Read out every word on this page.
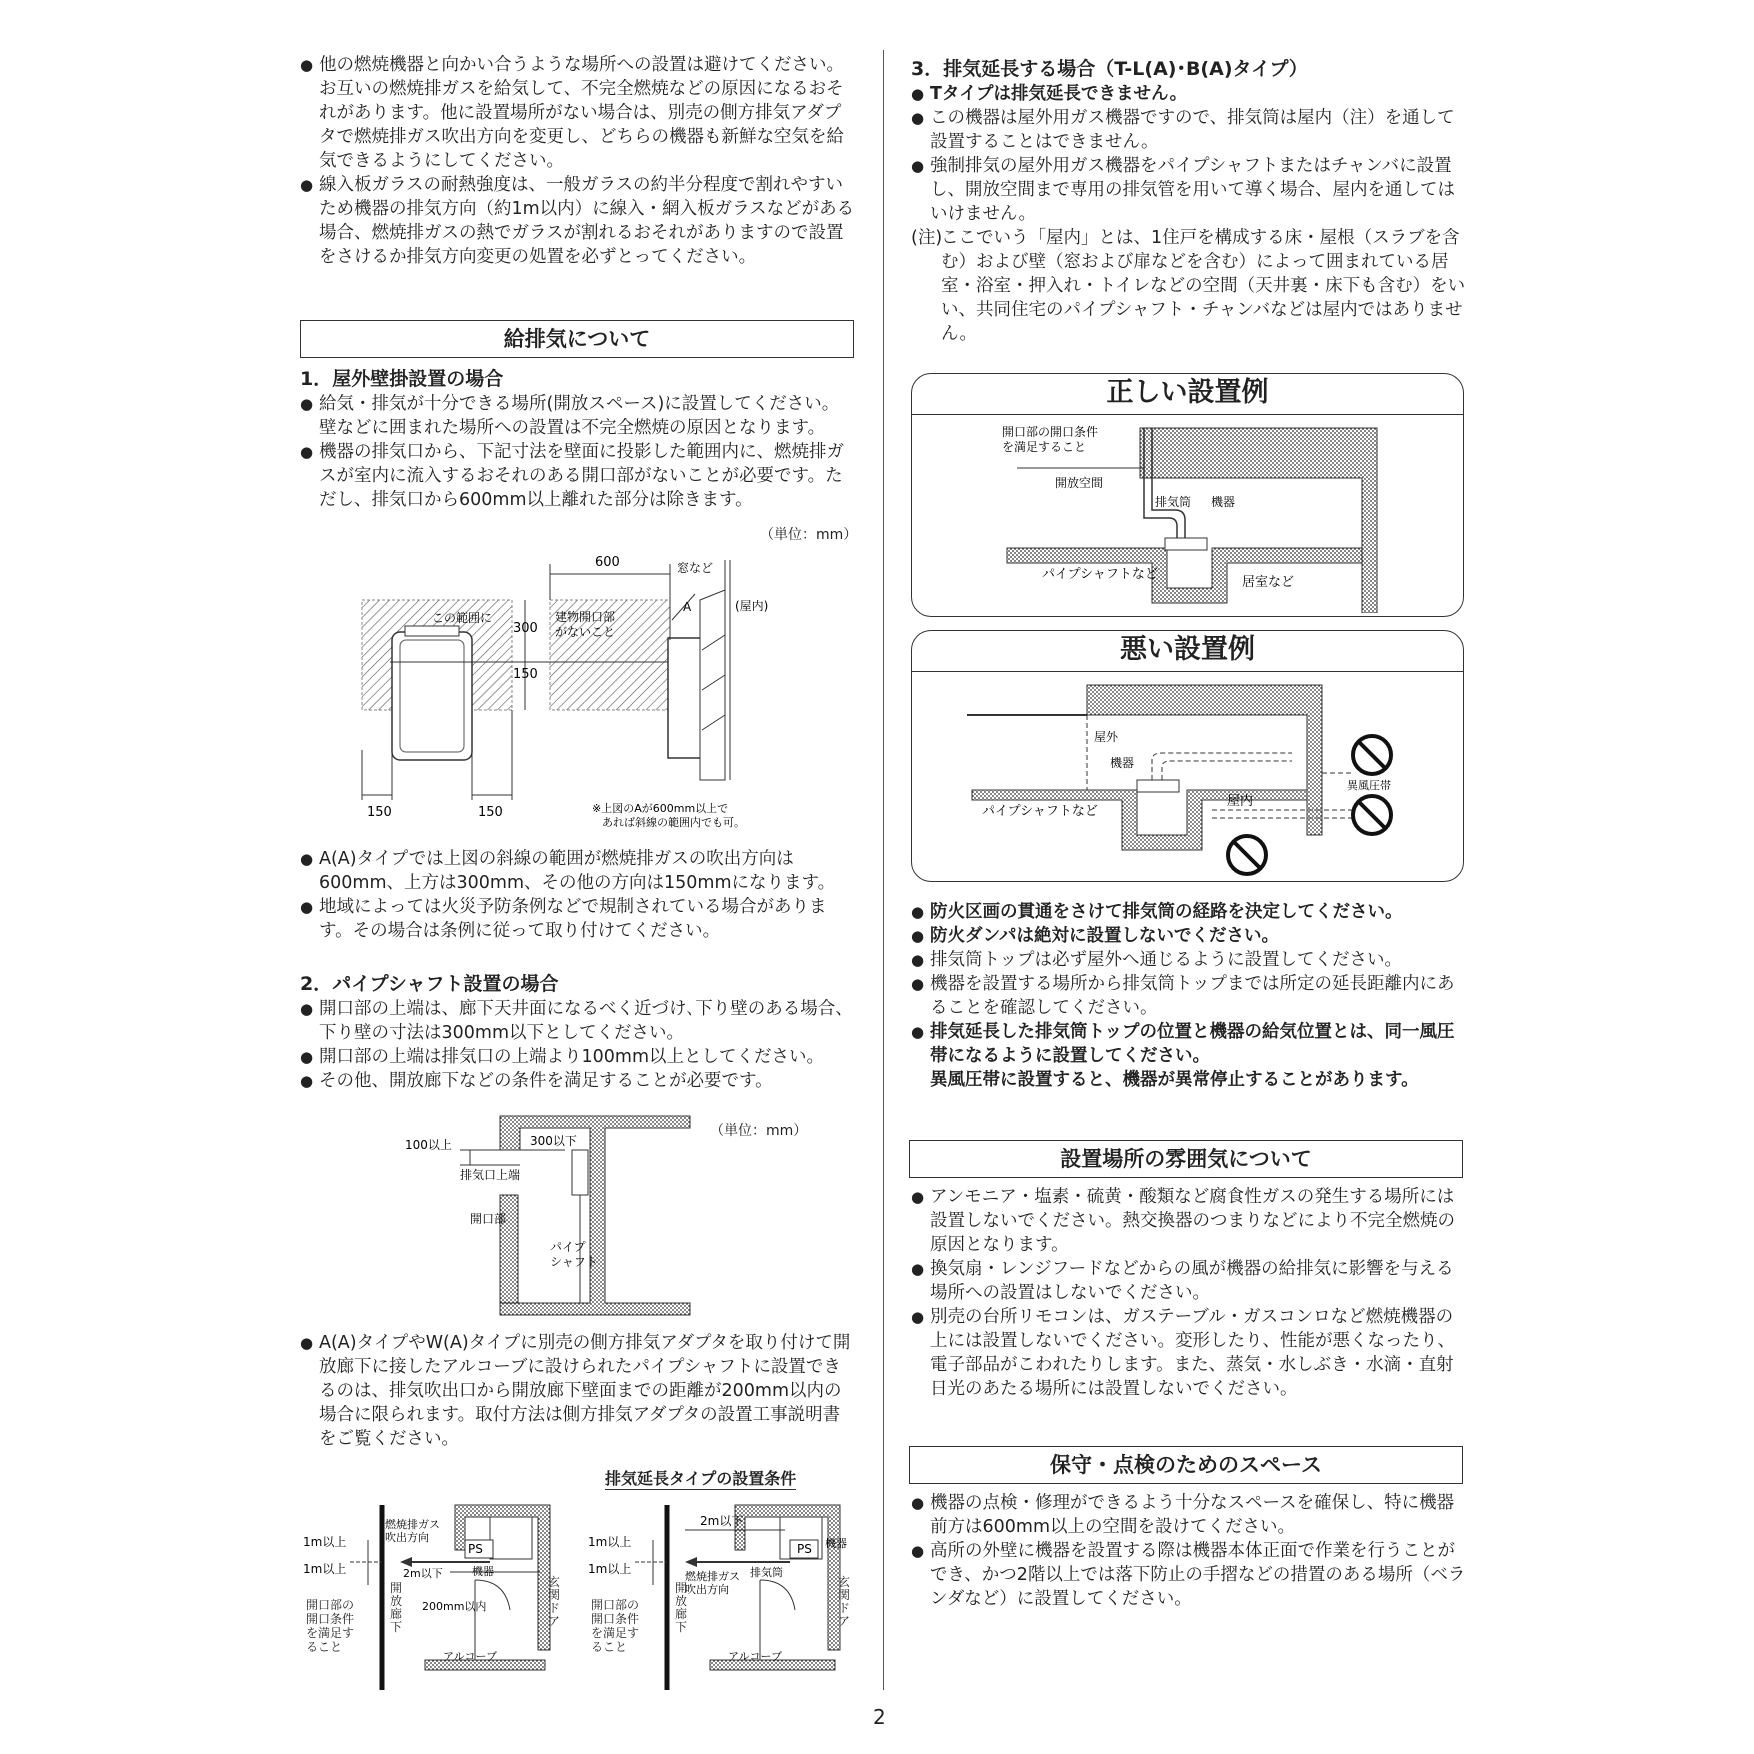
● 他の燃焼機器と向かい合うような場所への設置は避けてください。お互いの燃焼排ガスを給気して、不完全燃焼などの原因になるおそれがあります。他に設置場所がない場合は、別売の側方排気アダプタで燃焼排ガス吹出方向を変更し、どちらの機器も新鮮な空気を給気できるようにしてください。

● 線入板ガラスの耐熱強度は、一般ガラスの約半分程度で割れやすいため機器の排気方向（約1m以内）に線入・網入板ガラスなどがある場合、燃焼排ガスの熱でガラスが割れるおそれがありますので設置をさけるか排気方向変更の処置を必ずとってください。

給排気について

1．屋外壁掛設置の場合

● 給気・排気が十分できる場所(開放スペース)に設置してください。壁などに囲まれた場所への設置は不完全燃焼の原因となります。

● 機器の排気口から、下記寸法を壁面に投影した範囲内に、燃焼排ガスが室内に流入するおそれのある開口部がないことが必要です。ただし、排気口から600mm以上離れた部分は除きます。

（単位：mm）
600
300
150
150	150
この範囲に	建物開口部
がないこと
窓など
A	(屋内)
※上図のAが600mm以上で
あれば斜線の範囲内でも可。

● A(A)タイプでは上図の斜線の範囲が燃焼排ガスの吹出方向は600mm、上方は300mm、その他の方向は150mmになります。

● 地域によっては火災予防条例などで規制されている場合があります。その場合は条例に従って取り付けてください。

2．パイプシャフト設置の場合

● 開口部の上端は、廊下天井面になるべく近づけ､下り壁のある場合、下り壁の寸法は300mm以下としてください。

● 開口部の上端は排気口の上端より100mm以上としてください。

● その他、開放廊下などの条件を満足することが必要です。

（単位：mm）
100以上	300以下
排気口上端
開口部
パイプ
シャフト

● A(A)タイプやW(A)タイプに別売の側方排気アダプタを取り付けて開放廊下に接したアルコーブに設けられたパイプシャフトに設置できるのは、排気吹出口から開放廊下壁面までの距離が200mm以内の場合に限られます。取付方法は側方排気アダプタの設置工事説明書をご覧ください。

排気延長タイプの設置条件
1m以上
1m以上
燃焼排ガス
吹出方向
PS
2m以下	機器
200mm以内
アルコーブ
開
放
廊
下
開口部の
開口条件
を満足す
ること
玄
関
ド
ア
1m以上
1m以上
2m以下
PS 機器
排気筒
燃焼排ガス
吹出方向
アルコーブ
開
放
廊
下
開口部の
開口条件
を満足す
ること
玄
関
ド
ア

3．排気延長する場合（T-L(A)･B(A)タイプ）

● Tタイプは排気延長できません。

● この機器は屋外用ガス機器ですので、排気筒は屋内（注）を通して設置することはできません。

● 強制排気の屋外用ガス機器をパイプシャフトまたはチャンバに設置し、開放空間まで専用の排気管を用いて導く場合、屋内を通してはいけません。

(注)
ここでいう「屋内」とは、1住戸を構成する床・屋根（スラブを含む）および壁（窓および扉などを含む）によって囲まれている居室・浴室・押入れ・トイレなどの空間（天井裏・床下も含む）をいい、共同住宅のパイプシャフト・チャンバなどは屋内ではありません。

正しい設置例
開口部の開口条件
を満足すること
開放空間
排気筒 機器
パイプシャフトなど
居室など
悪い設置例
屋外
機器
屋内
パイプシャフトなど
異風圧帯

● 防火区画の貫通をさけて排気筒の経路を決定してください。

● 防火ダンパは絶対に設置しないでください。

● 排気筒トップは必ず屋外へ通じるように設置してください。

● 機器を設置する場所から排気筒トップまでは所定の延長距離内にあることを確認してください。

● 排気延長した排気筒トップの位置と機器の給気位置とは、同一風圧帯になるように設置してください。

異風圧帯に設置すると、機器が異常停止することがあります。

設置場所の雰囲気について

● アンモニア・塩素・硫黄・酸類など腐食性ガスの発生する場所には設置しないでください。熱交換器のつまりなどにより不完全燃焼の原因となります。

● 換気扇・レンジフードなどからの風が機器の給排気に影響を与える場所への設置はしないでください。

● 別売の台所リモコンは、ガステーブル・ガスコンロなど燃焼機器の上には設置しないでください。変形したり、性能が悪くなったり、電子部品がこわれたりします。また、蒸気・水しぶき・水滴・直射日光のあたる場所には設置しないでください。

保守・点検のためのスペース

● 機器の点検・修理ができるよう十分なスペースを確保し、特に機器前方は600mm以上の空間を設けてください。

● 高所の外壁に機器を設置する際は機器本体正面で作業を行うことができ、かつ2階以上では落下防止の手摺などの措置のある場所（ベランダなど）に設置してください。

2
